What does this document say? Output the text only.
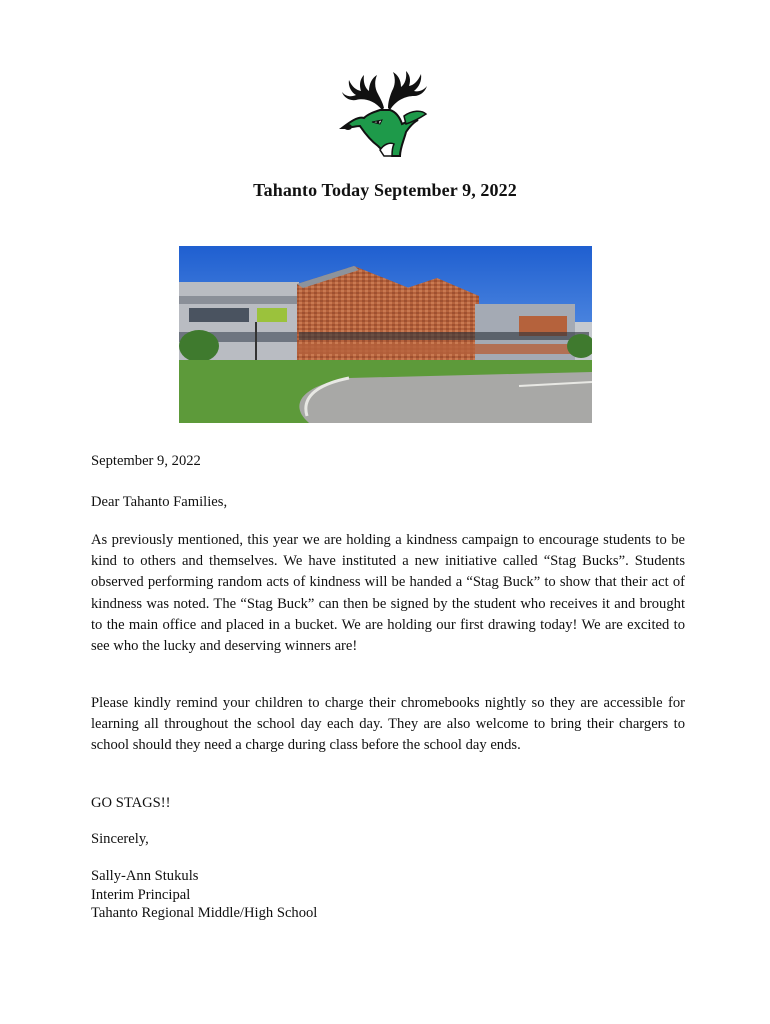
Tahanto Today September 9, 2022
September 9, 2022
Dear Tahanto Families,
As previously mentioned, this year we are holding a kindness campaign to encourage students to be kind to others and themselves. We have instituted a new initiative called “Stag Bucks”. Students observed performing random acts of kindness will be handed a “Stag Buck” to show that their act of kindness was noted. The “Stag Buck” can then be signed by the student who receives it and brought to the main office and placed in a bucket. We are holding our first drawing today! We are excited to see who the lucky and deserving winners are!
Please kindly remind your children to charge their chromebooks nightly so they are accessible for learning all throughout the school day each day. They are also welcome to bring their chargers to school should they need a charge during class before the school day ends.
GO STAGS!!
Sincerely,
Sally-Ann Stukuls
Interim Principal
Tahanto Regional Middle/High School
